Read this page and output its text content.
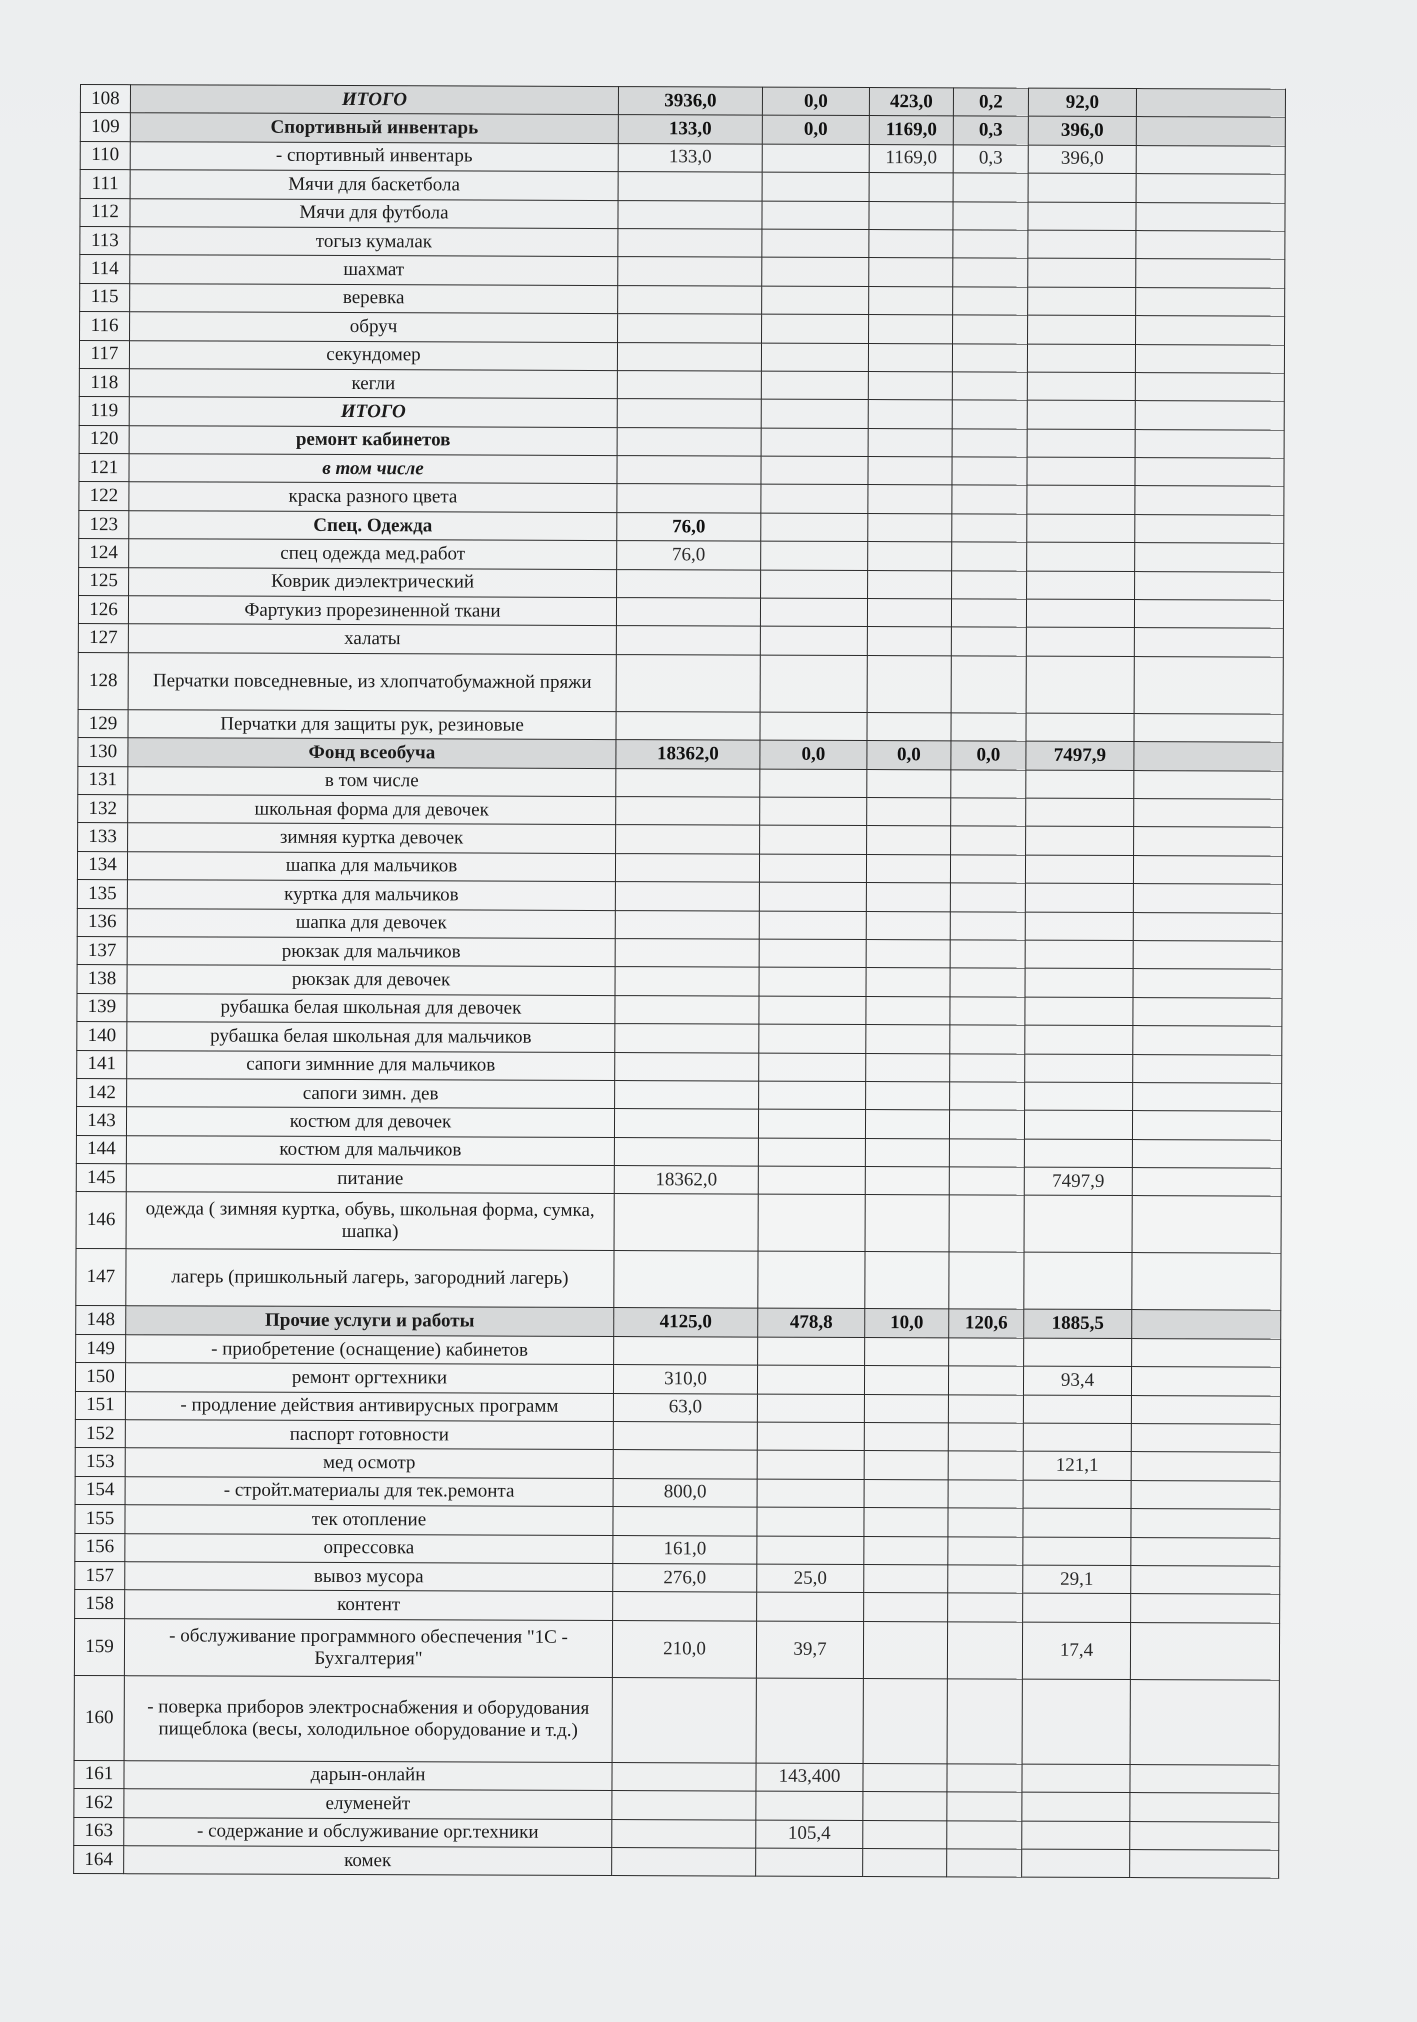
108	ИТОГО	3936,0	0,0	423,0	0,2	92,0	
109	Спортивный инвентарь	133,0	0,0	1169,0	0,3	396,0	
110	- спортивный инвентарь	133,0		1169,0	0,3	396,0	
111	Мячи для баскетбола						
112	Мячи для футбола						
113	тогыз кумалак						
114	шахмат						
115	веревка						
116	обруч						
117	секундомер						
118	кегли						
119	ИТОГО						
120	ремонт кабинетов						
121	в том числе						
122	краска разного цвета						
123	Спец. Одежда	76,0					
124	спец одежда мед.работ	76,0					
125	Коврик диэлектрический						
126	Фартукиз прорезиненной ткани						
127	халаты						
128	Перчатки повседневные, из хлопчатобумажной пряжи						
129	Перчатки для защиты рук, резиновые						
130	Фонд всеобуча	18362,0	0,0	0,0	0,0	7497,9	
131	в том числе						
132	школьная форма для девочек						
133	зимняя куртка девочек						
134	шапка для мальчиков						
135	куртка для мальчиков						
136	шапка для девочек						
137	рюкзак для мальчиков						
138	рюкзак для девочек						
139	рубашка белая школьная для девочек						
140	рубашка белая школьная для мальчиков						
141	сапоги зимнние для мальчиков						
142	сапоги зимн. дев						
143	костюм для девочек						
144	костюм для мальчиков						
145	питание	18362,0				7497,9	
146	одежда ( зимняя куртка, обувь, школьная форма, сумка, шапка)						
147	лагерь (пришкольный лагерь, загородний лагерь)						
148	Прочие услуги и работы	4125,0	478,8	10,0	120,6	1885,5	
149	- приобретение (оснащение) кабинетов						
150	ремонт оргтехники	310,0				93,4	
151	- продление действия антивирусных программ	63,0					
152	паспорт готовности						
153	мед осмотр					121,1	
154	- стройт.материалы для тек.ремонта	800,0					
155	тек отопление						
156	опрессовка	161,0					
157	вывоз мусора	276,0	25,0			29,1	
158	контент						
159	- обслуживание программного обеспечения "1С - Бухгалтерия"	210,0	39,7			17,4	
160	- поверка приборов электроснабжения и оборудования пищеблока (весы, холодильное оборудование и т.д.)						
161	дарын-онлайн		143,400				
162	елуменейт						
163	- содержание и обслуживание орг.техники		105,4				
164	комек						
